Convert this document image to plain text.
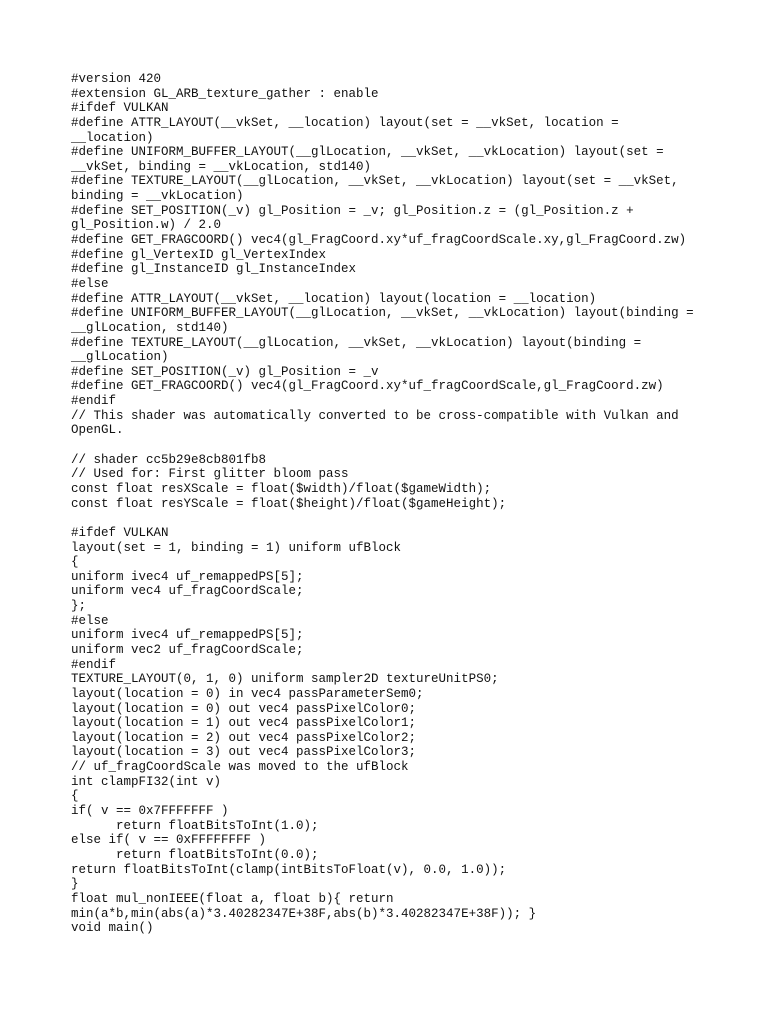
#version 420
#extension GL_ARB_texture_gather : enable
#ifdef VULKAN
#define ATTR_LAYOUT(__vkSet, __location) layout(set = __vkSet, location =
__location)
#define UNIFORM_BUFFER_LAYOUT(__glLocation, __vkSet, __vkLocation) layout(set =
__vkSet, binding = __vkLocation, std140)
#define TEXTURE_LAYOUT(__glLocation, __vkSet, __vkLocation) layout(set = __vkSet,
binding = __vkLocation)
#define SET_POSITION(_v) gl_Position = _v; gl_Position.z = (gl_Position.z +
gl_Position.w) / 2.0
#define GET_FRAGCOORD() vec4(gl_FragCoord.xy*uf_fragCoordScale.xy,gl_FragCoord.zw)
#define gl_VertexID gl_VertexIndex
#define gl_InstanceID gl_InstanceIndex
#else
#define ATTR_LAYOUT(__vkSet, __location) layout(location = __location)
#define UNIFORM_BUFFER_LAYOUT(__glLocation, __vkSet, __vkLocation) layout(binding =
__glLocation, std140)
#define TEXTURE_LAYOUT(__glLocation, __vkSet, __vkLocation) layout(binding =
__glLocation)
#define SET_POSITION(_v) gl_Position = _v
#define GET_FRAGCOORD() vec4(gl_FragCoord.xy*uf_fragCoordScale,gl_FragCoord.zw)
#endif
// This shader was automatically converted to be cross-compatible with Vulkan and
OpenGL.
// shader cc5b29e8cb801fb8
// Used for: First glitter bloom pass
const float resXScale = float($width)/float($gameWidth);
const float resYScale = float($height)/float($gameHeight);
#ifdef VULKAN
layout(set = 1, binding = 1) uniform ufBlock
{
uniform ivec4 uf_remappedPS[5];
uniform vec4 uf_fragCoordScale;
};
#else
uniform ivec4 uf_remappedPS[5];
uniform vec2 uf_fragCoordScale;
#endif
TEXTURE_LAYOUT(0, 1, 0) uniform sampler2D textureUnitPS0;
layout(location = 0) in vec4 passParameterSem0;
layout(location = 0) out vec4 passPixelColor0;
layout(location = 1) out vec4 passPixelColor1;
layout(location = 2) out vec4 passPixelColor2;
layout(location = 3) out vec4 passPixelColor3;
// uf_fragCoordScale was moved to the ufBlock
int clampFI32(int v)
{
if( v == 0x7FFFFFFF )
return floatBitsToInt(1.0);
else if( v == 0xFFFFFFFF )
return floatBitsToInt(0.0);
return floatBitsToInt(clamp(intBitsToFloat(v), 0.0, 1.0));
}
float mul_nonIEEE(float a, float b){ return
min(a*b,min(abs(a)*3.40282347E+38F,abs(b)*3.40282347E+38F)); }
void main()
